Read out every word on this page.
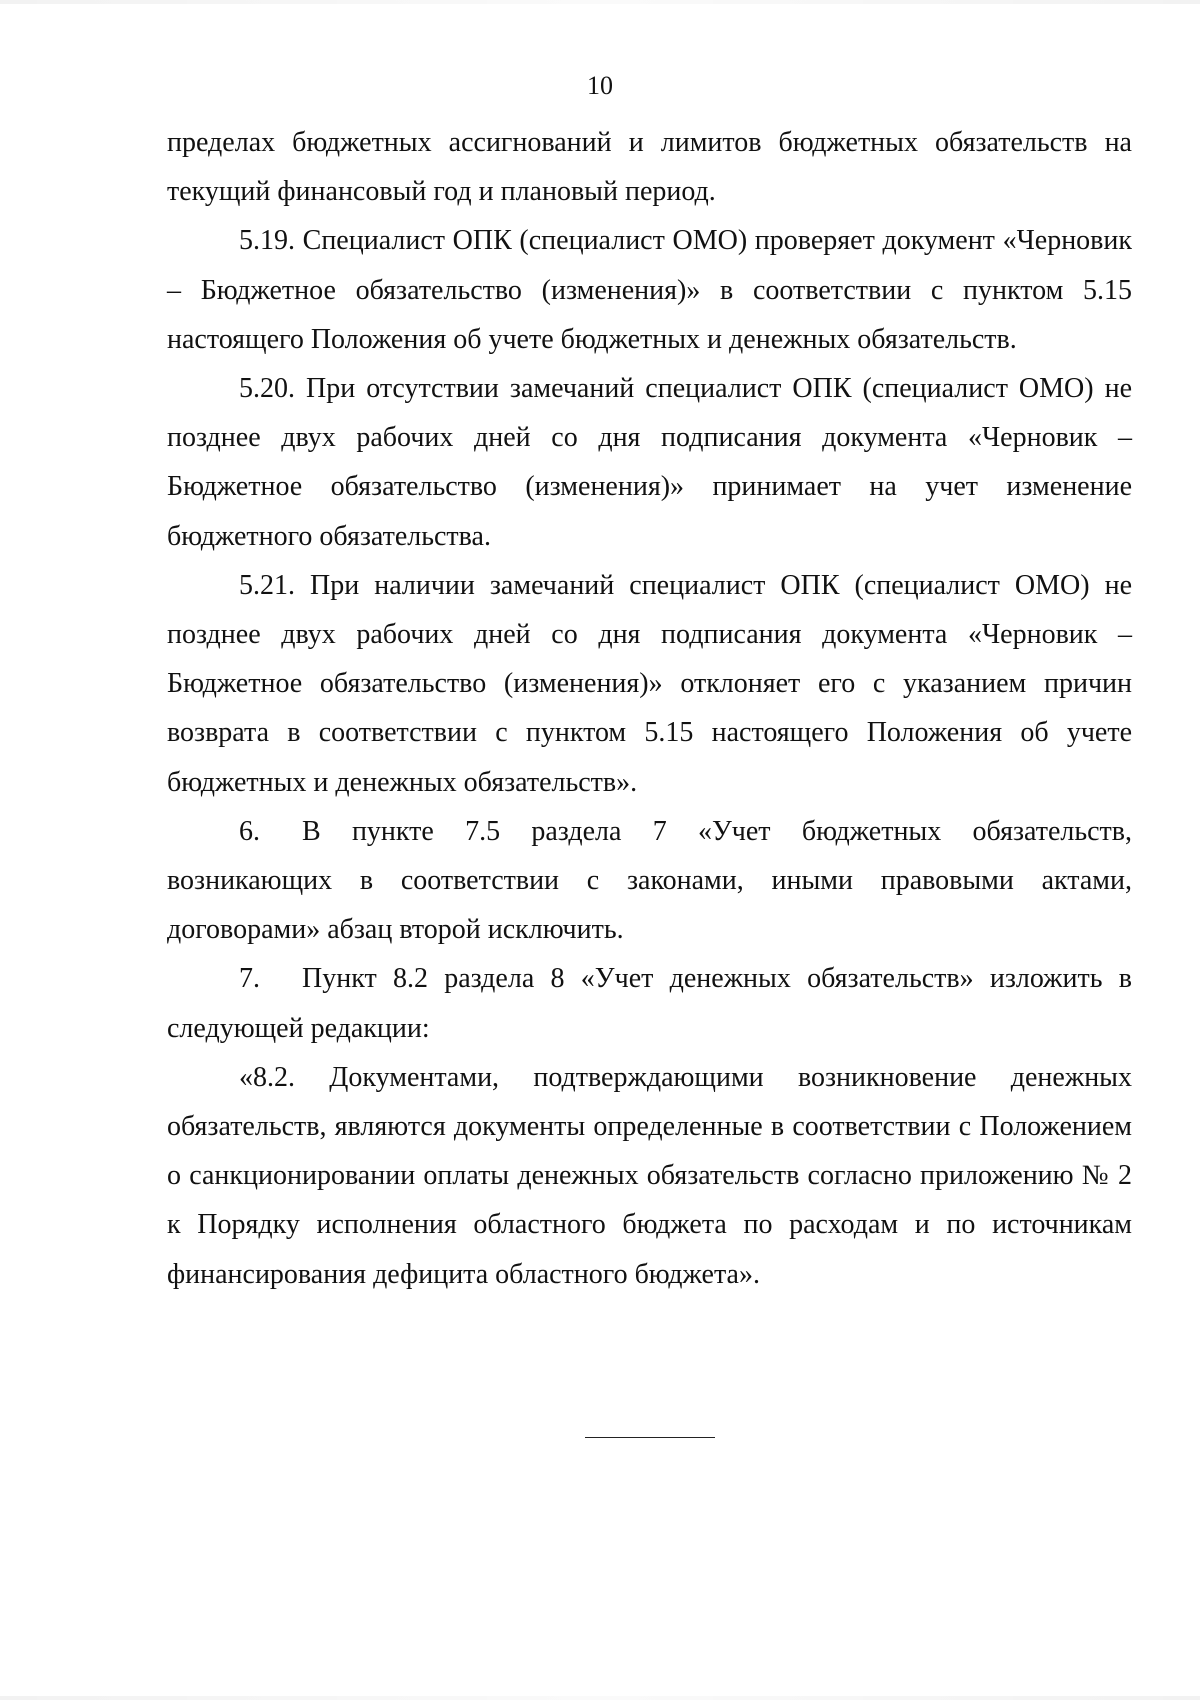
10

пределах бюджетных ассигнований и лимитов бюджетных обязательств на текущий финансовый год и плановый период.

5.19. Специалист ОПК (специалист ОМО) проверяет документ «Черновик – Бюджетное обязательство (изменения)» в соответствии с пунктом 5.15 настоящего Положения об учете бюджетных и денежных обязательств.

5.20. При отсутствии замечаний специалист ОПК (специалист ОМО) не позднее двух рабочих дней со дня подписания документа «Черновик – Бюджетное обязательство (изменения)» принимает на учет изменение бюджетного обязательства.

5.21. При наличии замечаний специалист ОПК (специалист ОМО) не позднее двух рабочих дней со дня подписания документа «Черновик – Бюджетное обязательство (изменения)» отклоняет его с указанием причин возврата в соответствии с пунктом 5.15 настоящего Положения об учете бюджетных и денежных обязательств».

6.  В пункте 7.5 раздела 7 «Учет бюджетных обязательств, возникающих в соответствии с законами, иными правовыми актами, договорами» абзац второй исключить.

7.  Пункт 8.2 раздела 8 «Учет денежных обязательств» изложить в следующей редакции:

«8.2. Документами, подтверждающими возникновение денежных обязательств, являются документы определенные в соответствии с Положением о санкционировании оплаты денежных обязательств согласно приложению № 2 к Порядку исполнения областного бюджета по расходам и по источникам финансирования дефицита областного бюджета».
